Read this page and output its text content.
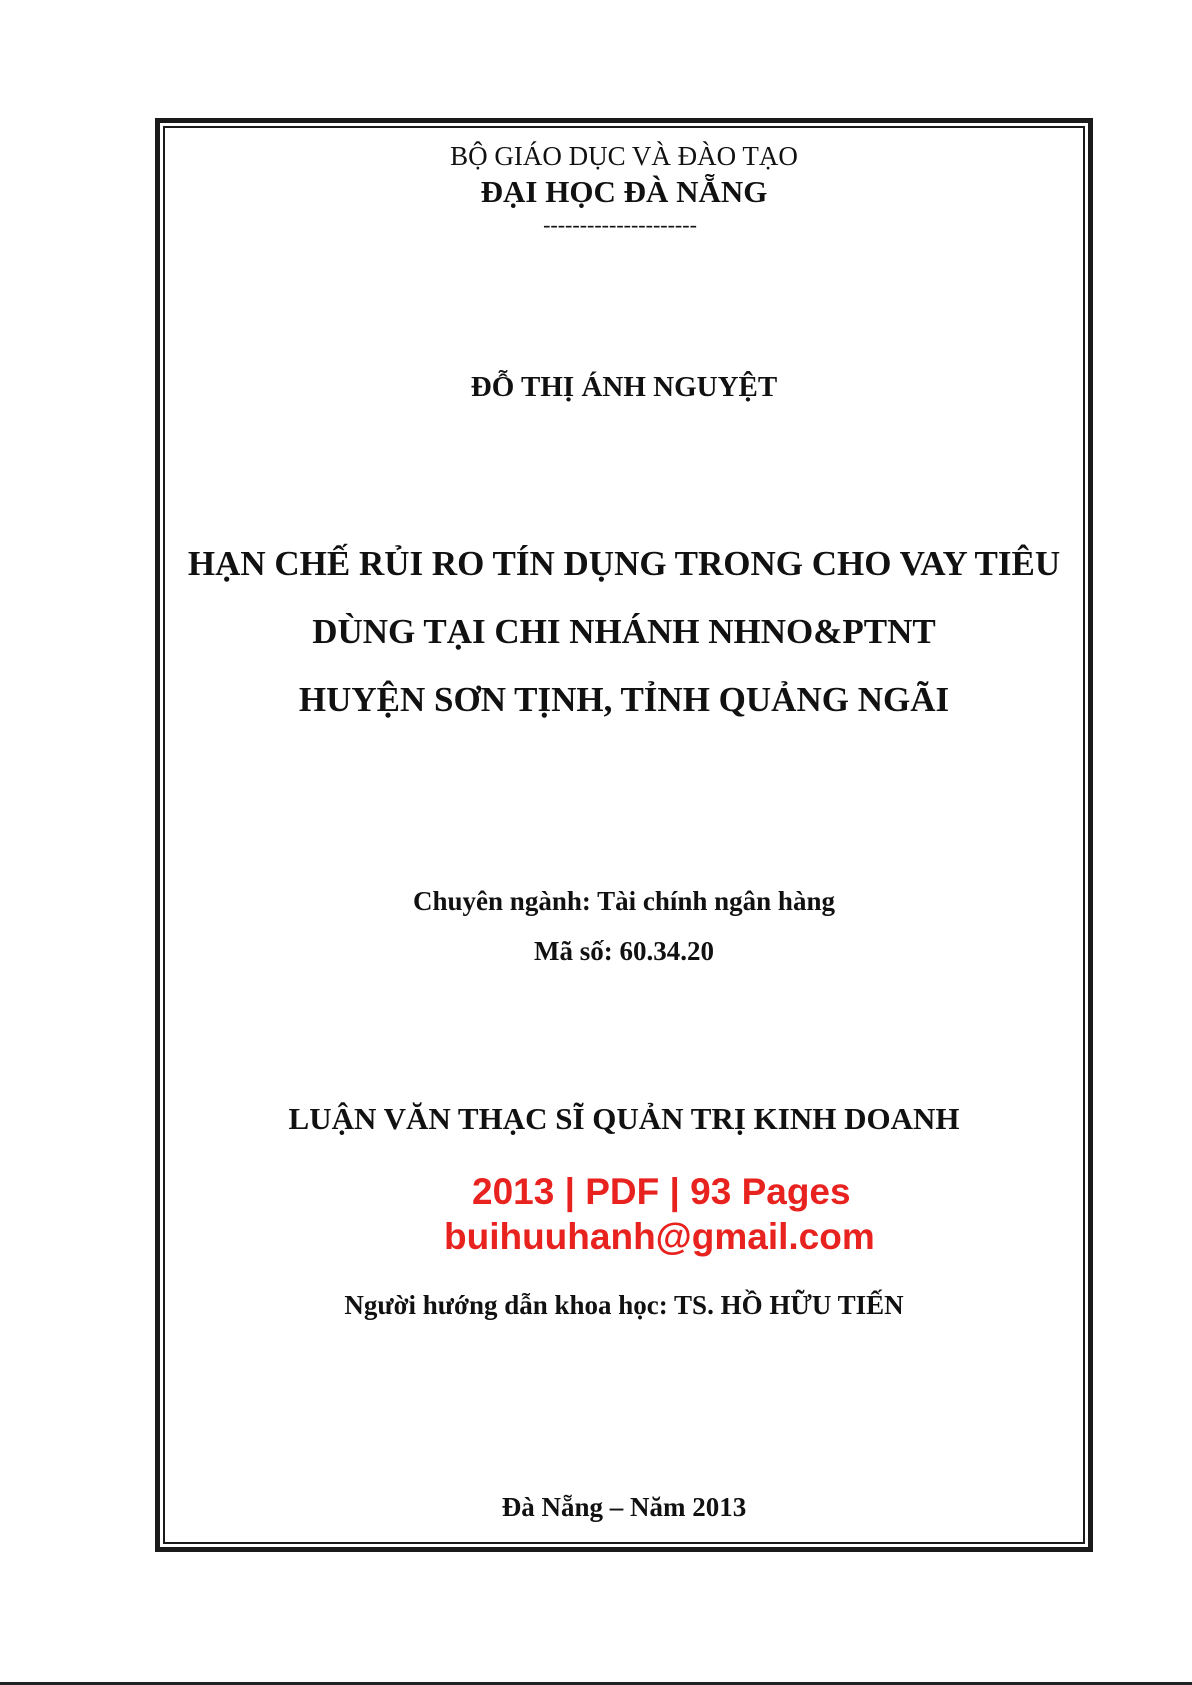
BỘ GIÁO DỤC VÀ ĐÀO TẠO
ĐẠI HỌC ĐÀ NẴNG
---------------------
ĐỖ THỊ ÁNH NGUYỆT
HẠN CHẾ RỦI RO TÍN DỤNG TRONG CHO VAY TIÊU
DÙNG TẠI CHI NHÁNH NHNO&PTNT
HUYỆN SƠN TỊNH, TỈNH QUẢNG NGÃI
Chuyên ngành: Tài chính ngân hàng
Mã số: 60.34.20
LUẬN VĂN THẠC SĨ QUẢN TRỊ KINH DOANH
2013 | PDF | 93 Pages
buihuuhanh@gmail.com
Người hướng dẫn khoa học: TS. HỒ HỮU TIẾN
Đà Nẵng – Năm 2013
